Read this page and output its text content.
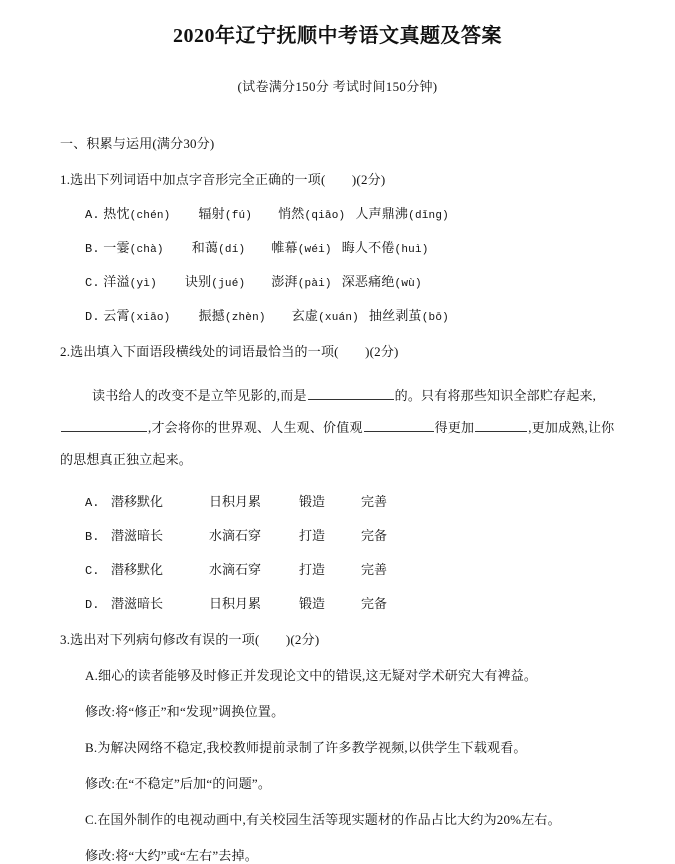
2020年辽宁抚顺中考语文真题及答案

(试卷满分150分 考试时间150分钟)

一、积累与运用(满分30分)

1.选出下列词语中加点字音形完全正确的一项(　　)(2分)

A. 热忱(chén) 辐射(fú) 悄然(qiāo) 人声鼎沸(dǐng)
B. 一霎(chà) 和蔼(dí) 帷幕(wéi) 晦人不倦(huì)
C. 洋溢(yì) 诀别(jué) 澎湃(pài) 深恶痛绝(wù)
D. 云霄(xiāo) 振撼(zhèn) 玄虚(xuán) 抽丝剥茧(bō)

2.选出填入下面语段横线处的词语最恰当的一项(　　)(2分)

读书给人的改变不是立竿见影的,而是	的。只有将那些知识全部贮存起来,

,才会将你的世界观、人生观、价值观	得更加	,更加成熟,让你的思想真正独立起来。

A. 潜移默化	日积月累	锻造	完善
B. 潜滋暗长	水滴石穿	打造	完备
C. 潜移默化	水滴石穿	打造	完善
D. 潜滋暗长	日积月累	锻造	完备

3.选出对下列病句修改有误的一项(　　)(2分)

A.细心的读者能够及时修正并发现论文中的错误,这无疑对学术研究大有裨益。

修改:将“修正”和“发现”调换位置。

B.为解决网络不稳定,我校教师提前录制了许多教学视频,以供学生下载观看。

修改:在“不稳定”后加“的问题”。

C.在国外制作的电视动画中,有关校园生活等现实题材的作品占比大约为20%左右。

修改:将“大约”或“左右”去掉。
